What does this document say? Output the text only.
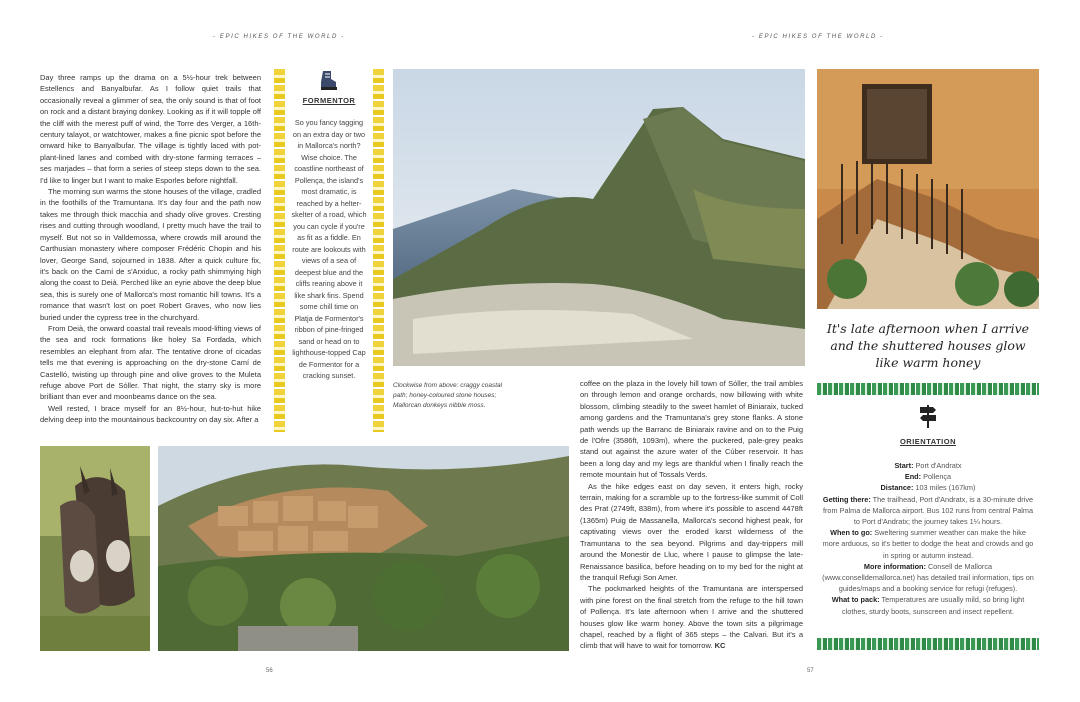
- EPIC HIKES OF THE WORLD -	- EPIC HIKES OF THE WORLD -

Day three ramps up the drama on a 5½-hour trek between Estellencs and Banyalbufar. As I follow quiet trails that occasionally reveal a glimmer of sea, the only sound is that of foot on rock and a distant braying donkey. Looking as if it will topple off the cliff with the merest puff of wind, the Torre des Verger, a 16th-century talayot, or watchtower, makes a fine picnic spot before the onward hike to Banyalbufar. The village is tightly laced with pot-plant-lined lanes and combed with dry-stone farming terraces – ses marjades – that form a series of steep steps down to the sea. I'd like to linger but I want to make Esporles before nightfall.

The morning sun warms the stone houses of the village, cradled in the foothills of the Tramuntana. It's day four and the path now takes me through thick macchia and shady olive groves. Cresting rises and cutting through woodland, I pretty much have the trail to myself. But not so in Valldemossa, where crowds mill around the Carthusian monastery where composer Frédéric Chopin and his lover, George Sand, sojourned in 1838. After a quick culture fix, it's back on the Camí de s'Arxiduc, a rocky path shimmying high along the coast to Deià. Perched like an eyrie above the deep blue sea, this is surely one of Mallorca's most romantic hill towns. It's a romance that wasn't lost on poet Robert Graves, who now lies buried under the cypress tree in the churchyard.

From Deià, the onward coastal trail reveals mood-lifting views of the sea and rock formations like holey Sa Fordada, which resembles an elephant from afar. The tentative drone of cicadas tells me that evening is approaching on the dry-stone Camí de Castelló, twisting up through pine and olive groves to the Muleta refuge above Port de Sóller. That night, the starry sky is more brilliant than ever and moonbeams dance on the sea.

Well rested, I brace myself for an 8½-hour, hut-to-hut hike delving deep into the mountainous backcountry on day six. After a

FORMENTOR
So you fancy tagging on an extra day or two in Mallorca's north? Wise choice. The coastline northeast of Pollença, the island's most dramatic, is reached by a helter-skelter of a road, which you can cycle if you're as fit as a fiddle. En route are lookouts with views of a sea of deepest blue and the cliffs rearing above it like shark fins. Spend some chill time on Platja de Formentor's ribbon of pine-fringed sand or head on to lighthouse-topped Cap de Formentor for a cracking sunset.
Clockwise from above: craggy coastal path; honey-coloured stone houses; Mallorcan donkeys nibble moss.

coffee on the plaza in the lovely hill town of Sóller, the trail ambles on through lemon and orange orchards, now billowing with white blossom, climbing steadily to the sweet hamlet of Biniaraix, tucked among gardens and the Tramuntana's grey stone flanks. A stone path wends up the Barranc de Biniaraix ravine and on to the Puig de l'Ofre (3586ft, 1093m), where the puckered, pale-grey peaks stand out against the azure water of the Cúber reservoir. It has been a long day and my legs are thankful when I finally reach the remote mountain hut of Tossals Verds.

As the hike edges east on day seven, it enters high, rocky terrain, making for a scramble up to the fortress-like summit of Coll des Prat (2749ft, 838m), from where it's possible to ascend 4478ft (1365m) Puig de Massanella, Mallorca's second highest peak, for captivating views over the eroded karst wilderness of the Tramuntana to the sea beyond. Pilgrims and day-trippers mill around the Monestir de Lluc, where I pause to glimpse the late-Renaissance basilica, before heading on to my bed for the night at the tranquil Refugi Son Amer.

The pockmarked heights of the Tramuntana are interspersed with pine forest on the final stretch from the refuge to the hill town of Pollença. It's late afternoon when I arrive and the shuttered houses glow like warm honey. Above the town sits a pilgrimage chapel, reached by a flight of 365 steps – the Calvari. But it's a climb that will have to wait for tomorrow. KC

It's late afternoon when I arrive and the shuttered houses glow like warm honey
ORIENTATION
Start: Port d'Andratx
End: Pollença
Distance: 103 miles (167km)
Getting there: The trailhead, Port d'Andratx, is a 30-minute drive from Palma de Mallorca airport. Bus 102 runs from central Palma to Port d'Andratx; the journey takes 1¼ hours.
When to go: Sweltering summer weather can make the hike more arduous, so it's better to dodge the heat and crowds and go in spring or autumn instead.
More information: Consell de Mallorca (www.conselldemallorca.net) has detailed trail information, tips on guides/maps and a booking service for refugi (refuges).
What to pack: Temperatures are usually mild, so bring light clothes, sturdy boots, sunscreen and insect repellent.
56	57
